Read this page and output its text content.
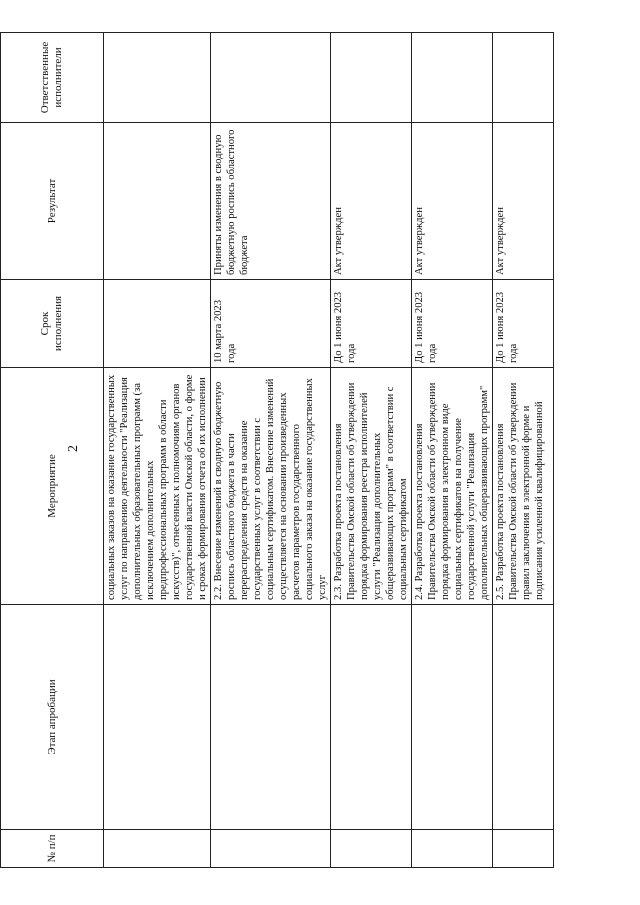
2
№ п/п	Этап апробации	Мероприятие	Срок исполнения	Результат	Ответственные исполнители
		социальных заказов на оказание государственных услуг по направлению деятельности "Реализация дополнительных образовательных программ (за исключением дополнительных предпрофессиональных программ в области искусств)", отнесенных к полномочиям органов государственной власти Омской области, о форме и сроках формирования отчета об их исполнении			
		2.2. Внесение изменений в сводную бюджетную роспись областного бюджета в части перераспределения средств на оказание государственных услуг в соответствии с социальным сертификатом. Внесение изменений осуществляется на основании произведенных расчетов параметров государственного социального заказа на оказание государственных услуг	10 марта 2023 года	Приняты изменения в сводную бюджетную роспись областного бюджета	
		2.3. Разработка проекта постановления Правительства Омской области об утверждении порядка формирования реестра исполнителей услуги "Реализация дополнительных общеразвивающих программ" в соответствии с социальным сертификатом	До 1 июня 2023 года	Акт утвержден	
		2.4. Разработка проекта постановления Правительства Омской области об утверждении порядка формирования в электронном виде социальных сертификатов на получение государственной услуги "Реализация дополнительных общеразвивающих программ"	До 1 июня 2023 года	Акт утвержден	
		2.5. Разработка проекта постановления Правительства Омской области об утверждении правил заключения в электронной форме и подписания усиленной квалифицированной	До 1 июня 2023 года	Акт утвержден	
